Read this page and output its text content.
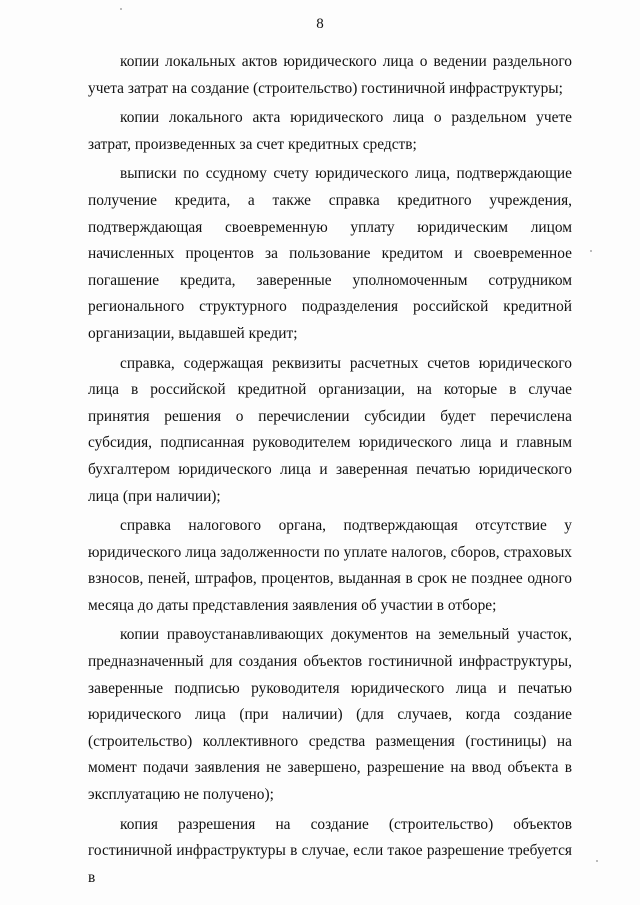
8

копии локальных актов юридического лица о ведении раздельного учета затрат на создание (строительство) гостиничной инфраструктуры;

копии локального акта юридического лица о раздельном учете затрат, произведенных за счет кредитных средств;

выписки по ссудному счету юридического лица, подтверждающие получение кредита, а также справка кредитного учреждения, подтверждающая своевременную уплату юридическим лицом начисленных процентов за пользование кредитом и своевременное погашение кредита, заверенные уполномоченным сотрудником регионального структурного подразделения российской кредитной организации, выдавшей кредит;

справка, содержащая реквизиты расчетных счетов юридического лица в российской кредитной организации, на которые в случае принятия решения о перечислении субсидии будет перечислена субсидия, подписанная руководителем юридического лица и главным бухгалтером юридического лица и заверенная печатью юридического лица (при наличии);

справка налогового органа, подтверждающая отсутствие у юридического лица задолженности по уплате налогов, сборов, страховых взносов, пеней, штрафов, процентов, выданная в срок не позднее одного месяца до даты представления заявления об участии в отборе;

копии правоустанавливающих документов на земельный участок, предназначенный для создания объектов гостиничной инфраструктуры, заверенные подписью руководителя юридического лица и печатью юридического лица (при наличии) (для случаев, когда создание (строительство) коллективного средства размещения (гостиницы) на момент подачи заявления не завершено, разрешение на ввод объекта в эксплуатацию не получено);

копия разрешения на создание (строительство) объектов гостиничной инфраструктуры в случае, если такое разрешение требуется в
